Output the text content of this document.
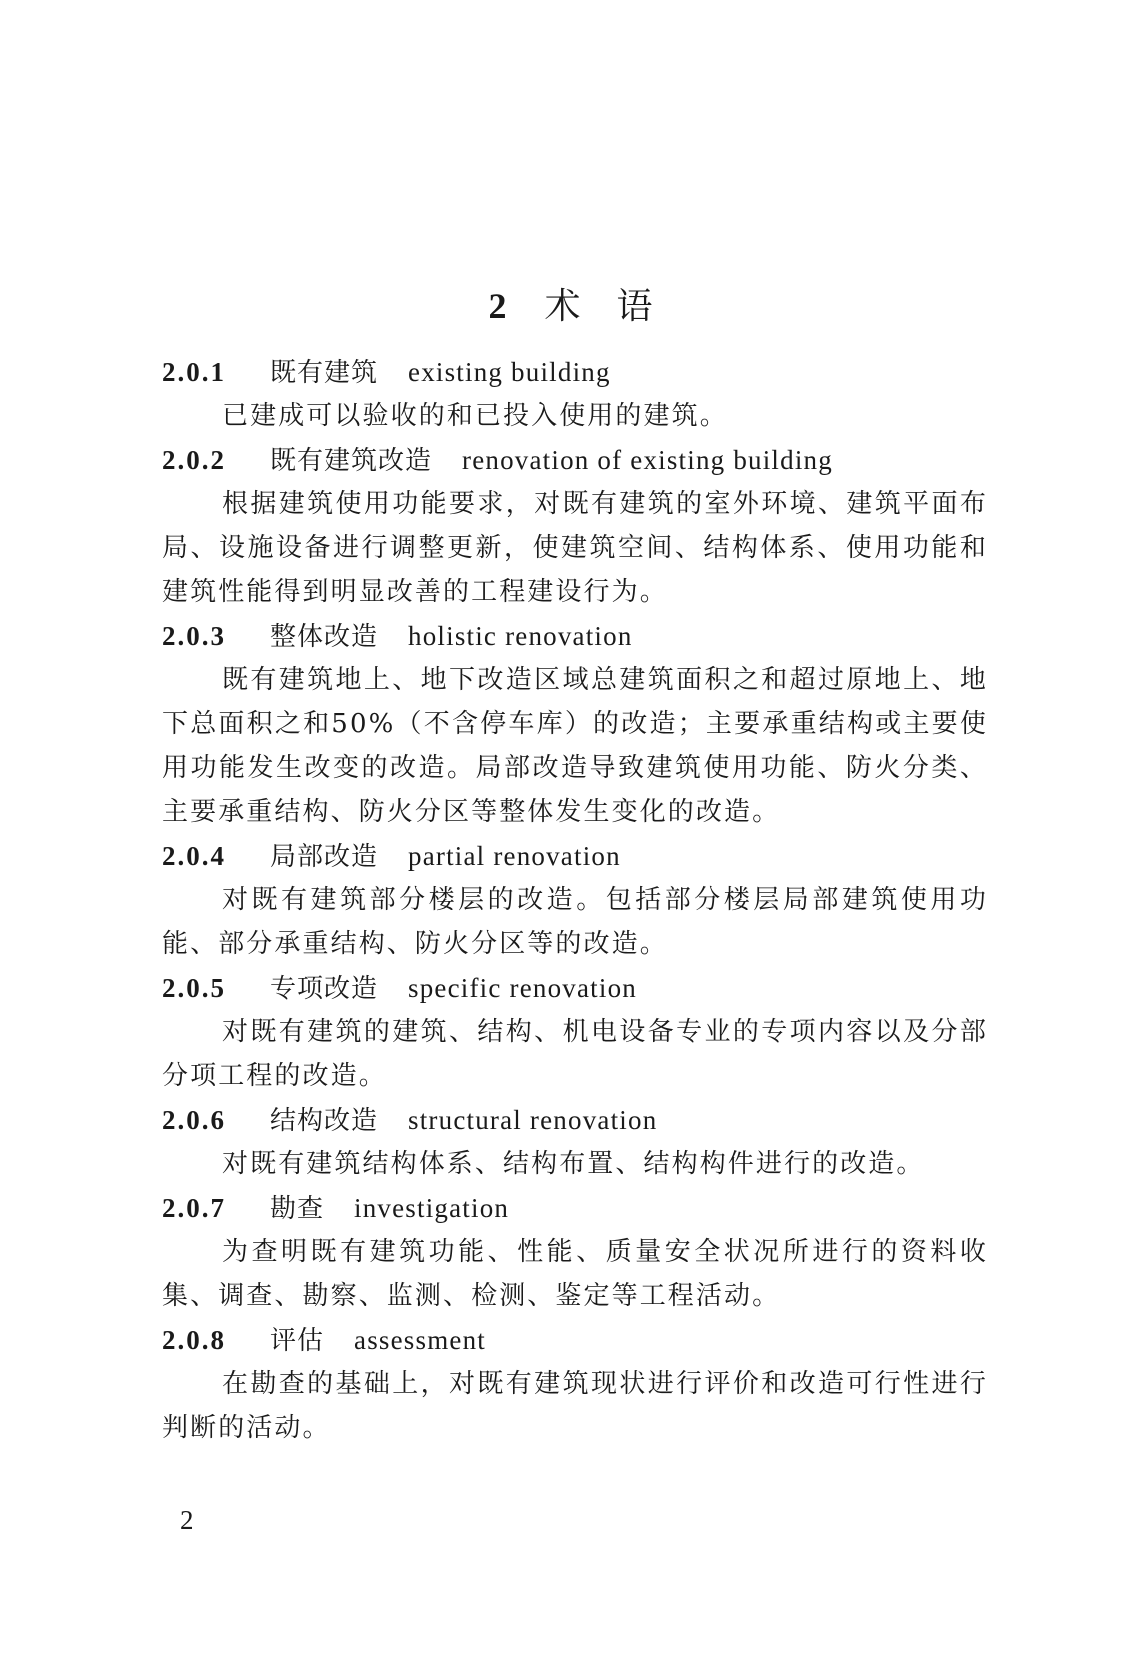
2 术 语
2.0.1 既有建筑 existing building

已建成可以验收的和已投入使用的建筑。

2.0.2 既有建筑改造 renovation of existing building

根据建筑使用功能要求，对既有建筑的室外环境、建筑平面布局、设施设备进行调整更新，使建筑空间、结构体系、使用功能和建筑性能得到明显改善的工程建设行为。

2.0.3 整体改造 holistic renovation

既有建筑地上、地下改造区域总建筑面积之和超过原地上、地下总面积之和50%（不含停车库）的改造；主要承重结构或主要使用功能发生改变的改造。局部改造导致建筑使用功能、防火分类、主要承重结构、防火分区等整体发生变化的改造。

2.0.4 局部改造 partial renovation

对既有建筑部分楼层的改造。包括部分楼层局部建筑使用功能、部分承重结构、防火分区等的改造。

2.0.5 专项改造 specific renovation

对既有建筑的建筑、结构、机电设备专业的专项内容以及分部分项工程的改造。

2.0.6 结构改造 structural renovation

对既有建筑结构体系、结构布置、结构构件进行的改造。

2.0.7 勘查 investigation

为查明既有建筑功能、性能、质量安全状况所进行的资料收集、调查、勘察、监测、检测、鉴定等工程活动。

2.0.8 评估 assessment

在勘查的基础上，对既有建筑现状进行评价和改造可行性进行判断的活动。

2
